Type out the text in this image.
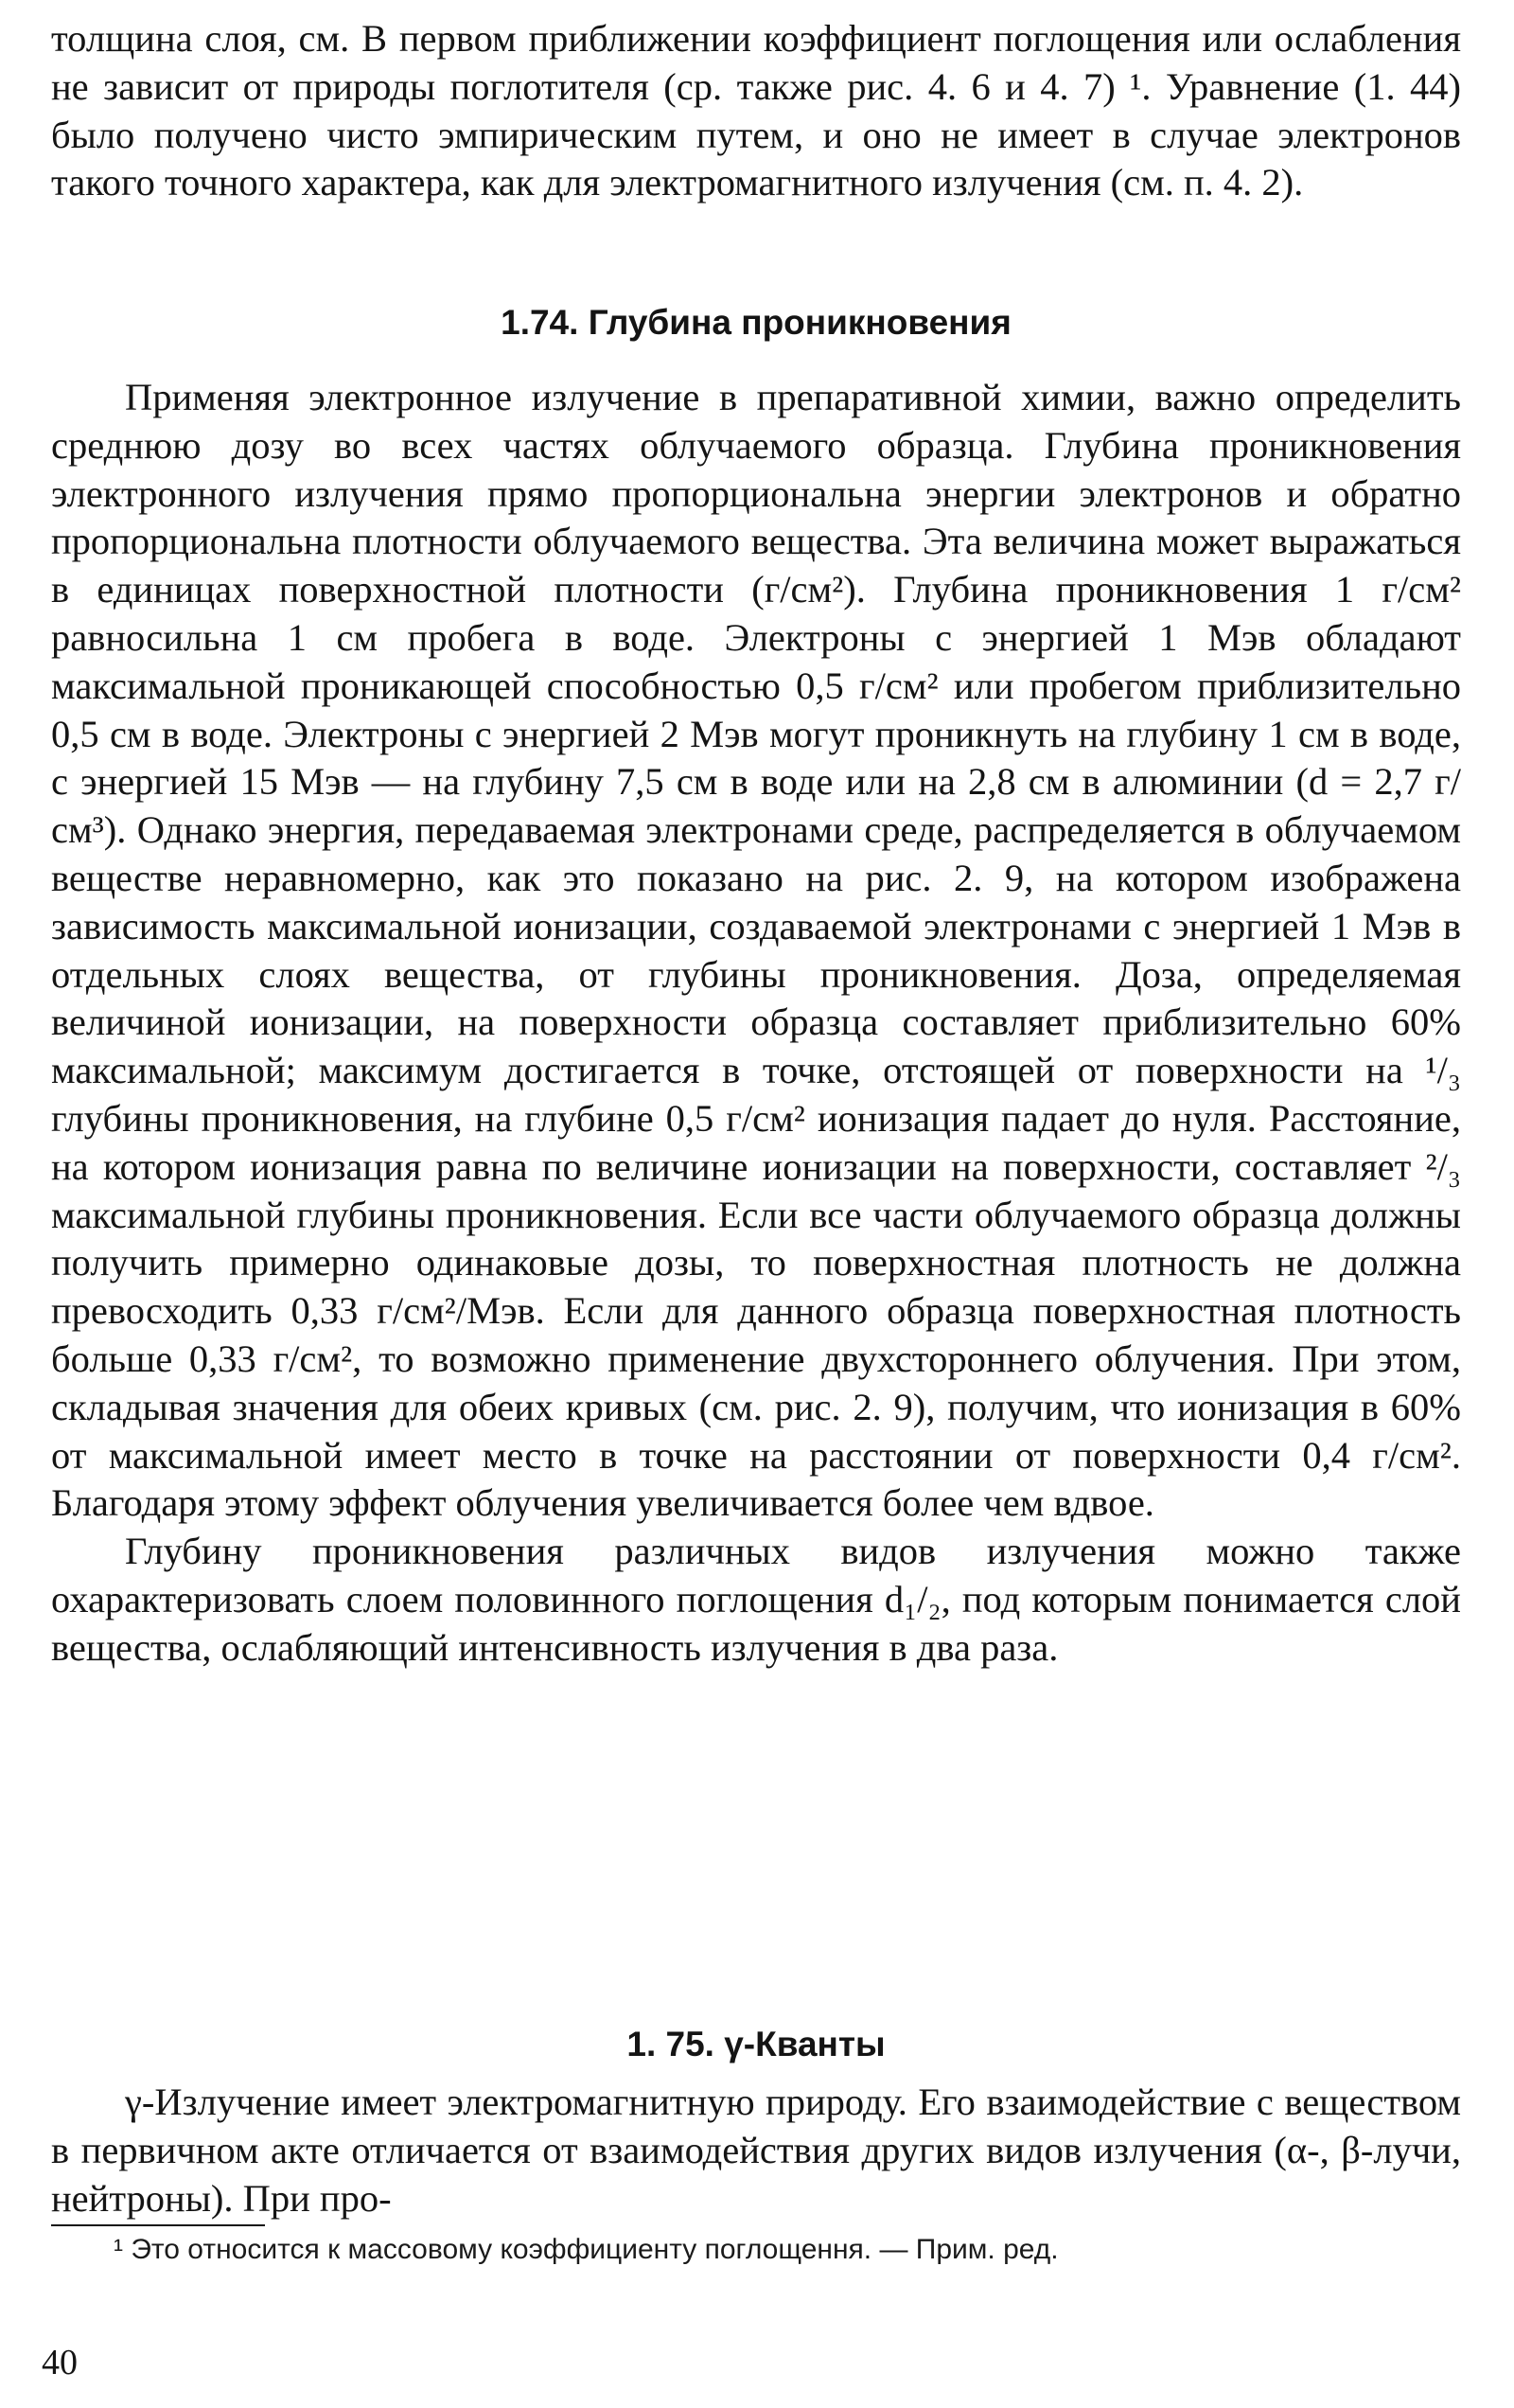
толщина слоя, см. В первом приближении коэффициент поглощения или ослабления не зависит от природы поглотителя (ср. также рис. 4. 6 и 4. 7) ¹. Уравнение (1. 44) было получено чисто эмпирическим путем, и оно не имеет в случае электронов такого точного характера, как для электромагнитного излучения (см. п. 4. 2).

1.74. Глубина проникновения

Применяя электронное излучение в препаративной химии, важно определить среднюю дозу во всех частях облучаемого образца. Глубина проникновения электронного излучения прямо пропорциональна энергии электронов и обратно пропорциональна плотности облучаемого вещества. Эта величина может выражаться в единицах поверхностной плотности (г/см²). Глубина проникновения 1 г/см² равносильна 1 см пробега в воде. Электроны с энергией 1 Мэв обладают максимальной проникающей способностью 0,5 г/см² или пробегом приблизительно 0,5 см в воде. Электроны с энергией 2 Мэв могут проникнуть на глубину 1 см в воде, с энергией 15 Мэв — на глубину 7,5 см в воде или на 2,8 см в алюминии (d = 2,7 г/см³). Однако энергия, передаваемая электронами среде, распределяется в облучаемом веществе неравномерно, как это показано на рис. 2. 9, на котором изображена зависимость максимальной ионизации, создаваемой электронами с энергией 1 Мэв в отдельных слоях вещества, от глубины проникновения. Доза, определяемая величиной ионизации, на поверхности образца составляет приблизительно 60% максимальной; максимум достигается в точке, отстоящей от поверхности на ¹/₃ глубины проникновения, на глубине 0,5 г/см² ионизация падает до нуля. Расстояние, на котором ионизация равна по величине ионизации на поверхности, составляет ²/₃ максимальной глубины проникновения. Если все части облучаемого образца должны получить примерно одинаковые дозы, то поверхностная плотность не должна превосходить 0,33 г/см²/Мэв. Если для данного образца поверхностная плотность больше 0,33 г/см², то возможно применение двухстороннего облучения. При этом, складывая значения для обеих кривых (см. рис. 2. 9), получим, что ионизация в 60% от максимальной имеет место в точке на расстоянии от поверхности 0,4 г/см². Благодаря этому эффект облучения увеличивается более чем вдвое.

Глубину проникновения различных видов излучения можно также охарактеризовать слоем половинного поглощения d₁/₂, под которым понимается слой вещества, ослабляющий интенсивность излучения в два раза.

1. 75. γ-Кванты

γ-Излучение имеет электромагнитную природу. Его взаимодействие с веществом в первичном акте отличается от взаимодействия других видов излучения (α-, β-лучи, нейтроны). При про-

¹ Это относится к массовому коэффициенту поглощення. — Прим. ред.

40
